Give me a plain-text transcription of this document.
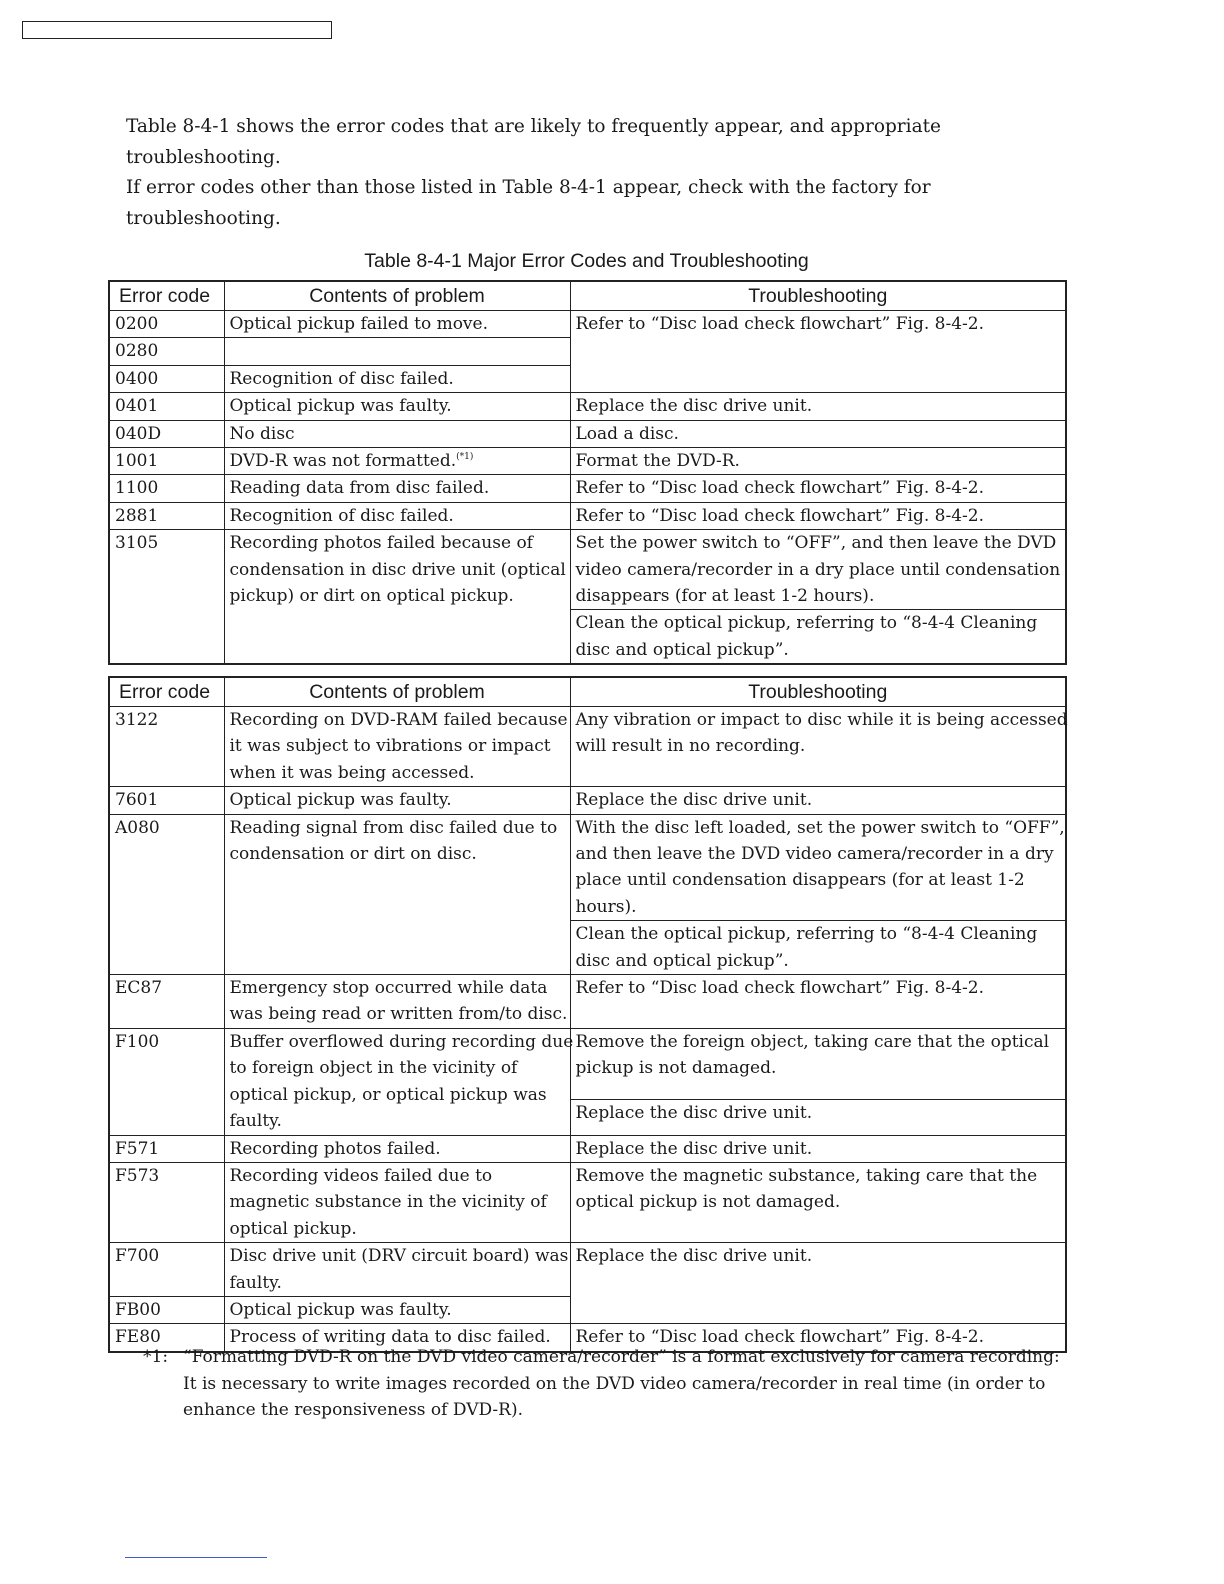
Table 8-4-1 shows the error codes that are likely to frequently appear, and appropriate

troubleshooting.

If error codes other than those listed in Table 8-4-1 appear, check with the factory for

troubleshooting.

Table 8-4-1 Major Error Codes and Troubleshooting
Error code	Contents of problem	Troubleshooting
0200	Optical pickup failed to move.	Refer to “Disc load check flowchart” Fig. 8-4-2.
0280		
0400	Recognition of disc failed.	
0401	Optical pickup was faulty.	Replace the disc drive unit.
040D	No disc	Load a disc.
1001	DVD-R was not formatted.$^{(*1)}$	Format the DVD-R.
1100	Reading data from disc failed.	Refer to “Disc load check flowchart” Fig. 8-4-2.
2881	Recognition of disc failed.	Refer to “Disc load check flowchart” Fig. 8-4-2.
3105	Recording photos failed because of
condensation in disc drive unit (optical
pickup) or dirt on optical pickup.	Set the power switch to “OFF”, and then leave the DVD
video camera/recorder in a dry place until condensation
disappears (for at least 1-2 hours).

		Clean the optical pickup, referring to “8-4-4 Cleaning
disc and optical pickup”.
Error code	Contents of problem	Troubleshooting
3122	Recording on DVD-RAM failed because
it was subject to vibrations or impact
when it was being accessed.	Any vibration or impact to disc while it is being accessed
will result in no recording.

7601	Optical pickup was faulty.	Replace the disc drive unit.
A080	Reading signal from disc failed due to
condensation or dirt on disc.	With the disc left loaded, set the power switch to “OFF”,
and then leave the DVD video camera/recorder in a dry
place until condensation disappears (for at least 1-2
hours).

		Clean the optical pickup, referring to “8-4-4 Cleaning
disc and optical pickup”.

EC87	Emergency stop occurred while data
was being read or written from/to disc.	Refer to “Disc load check flowchart” Fig. 8-4-2.
F100	Buffer overflowed during recording due
to foreign object in the vicinity of
optical pickup, or optical pickup was
faulty.	Remove the foreign object, taking care that the optical
pickup is not damaged.

		Replace the disc drive unit.
F571	Recording photos failed.	Replace the disc drive unit.
F573	Recording videos failed due to
magnetic substance in the vicinity of
optical pickup.	Remove the magnetic substance, taking care that the
optical pickup is not damaged.

F700	Disc drive unit (DRV circuit board) was
faulty.	Replace the disc drive unit.
FB00	Optical pickup was faulty.	
FE80	Process of writing data to disc failed.	Refer to “Disc load check flowchart” Fig. 8-4-2.
*1: “Formatting DVD-R on the DVD video camera/recorder” is a format exclusively for camera recording:
It is necessary to write images recorded on the DVD video camera/recorder in real time (in order to
enhance the responsiveness of DVD-R).
